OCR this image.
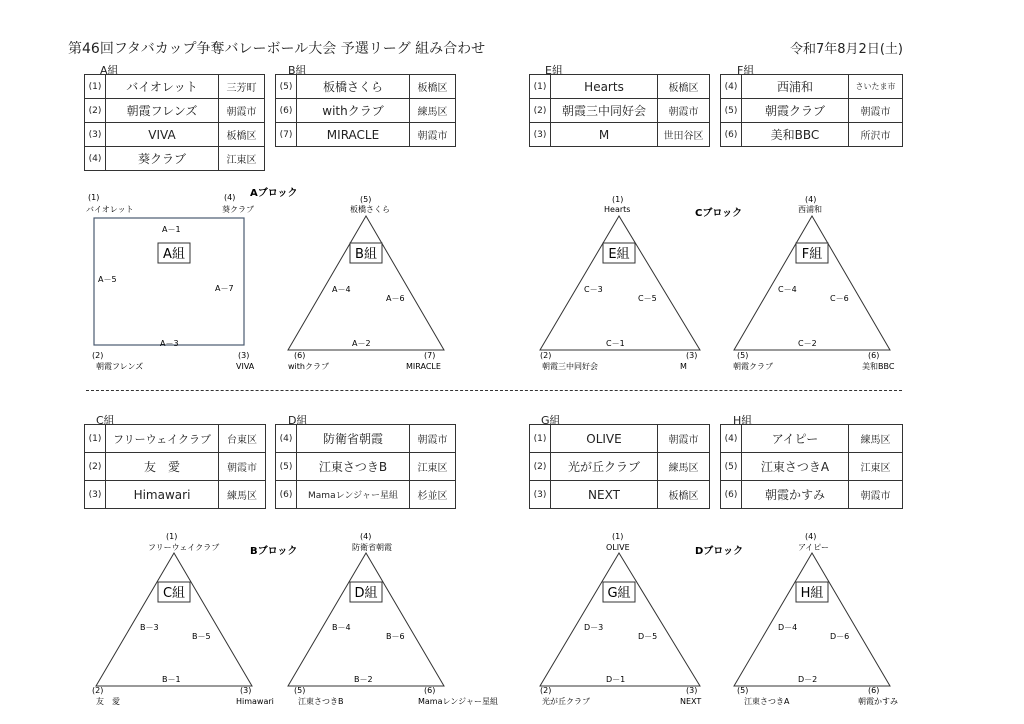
第46回フタバカップ争奪バレーボール大会 予選リーグ 組み合わせ	令和7年8月2日(土)
A組	B組	E組	F組
C組	D組	G組	H組
(1)	バイオレット	三芳町
(2)	朝霞フレンズ	朝霞市
(3)	VIVA	板橋区
(4)	葵クラブ	江東区
(5)	板橋さくら	板橋区
(6)	withクラブ	練馬区
(7)	MIRACLE	朝霞市
(1)	Hearts	板橋区
(2)	朝霞三中同好会	朝霞市
(3)	M	世田谷区
(4)	西浦和	さいたま市
(5)	朝霞クラブ	朝霞市
(6)	美和BBC	所沢市
(1)	フリーウェイクラブ	台東区
(2)	友　愛	朝霞市
(3)	Himawari	練馬区
(4)	防衛省朝霞	朝霞市
(5)	江東さつきB	江東区
(6)	Mamaレンジャー星組	杉並区
(1)	OLIVE	朝霞市
(2)	光が丘クラブ	練馬区
(3)	NEXT	板橋区
(4)	アイピー	練馬区
(5)	江東さつきA	江東区
(6)	朝霞かすみ	朝霞市
Aブロック
Cブロック
Bブロック	Dブロック
A組
(1)
バイオレット
(4)
葵クラブ
(2)
朝霞フレンズ
(3)
VIVA
A－1
A－5
A－7
A－3
B組
(5)
板橋さくら
(6)
withクラブ
(7)
MIRACLE
A－4
A－6
A－2
E組
(1)
Hearts
(2)
朝霞三中同好会
(3)
M
C－3
C－5
C－1
F組
(4)
西浦和
(5)
朝霞クラブ
(6)
美和BBC
C－4
C－6
C－2
C組
(1)
フリーウェイクラブ
(2)
友　愛
(3)
Himawari
B－3
B－5
B－1
D組
(4)
防衛省朝霞
(5)
江東さつきB
(6)
Mamaレンジャー星組
B－4
B－6
B－2
G組
(1)
OLIVE
(2)
光が丘クラブ
(3)
NEXT
D－3
D－5
D－1
H組
(4)
アイピー
(5)
江東さつきA
(6)
朝霞かすみ
D－4
D－6
D－2
